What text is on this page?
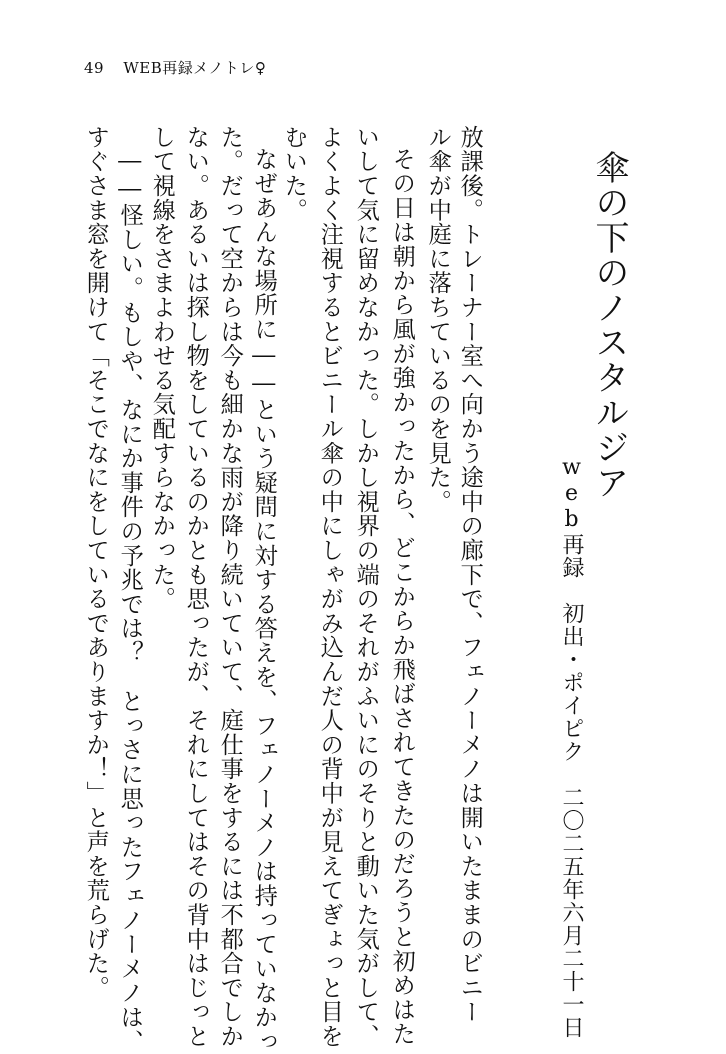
49 WEB再録メノトレ♀
傘の下のノスタルジア
web再録　初出・ポイピク　二〇二五年六月二十一日
放課後。トレーナー室へ向かう途中の廊下で、フェノーメノは開いたままのビニー
ル傘が中庭に落ちているのを見た。
その日は朝から風が強かったから、どこからか飛ばされてきたのだろうと初めはた
いして気に留めなかった。しかし視界の端のそれがふいにのそりと動いた気がして、
よくよく注視するとビニール傘の中にしゃがみ込んだ人の背中が見えてぎょっと目を
むいた。
なぜあんな場所に――という疑問に対する答えを、フェノーメノは持っていなかっ
た。だって空からは今も細かな雨が降り続いていて、庭仕事をするには不都合でしか
ない。あるいは探し物をしているのかとも思ったが、それにしてはその背中はじっと
して視線をさまよわせる気配すらなかった。
――怪しい。もしや、なにか事件の予兆では？　とっさに思ったフェノーメノは、
すぐさま窓を開けて「そこでなにをしているでありますか！」と声を荒らげた。
